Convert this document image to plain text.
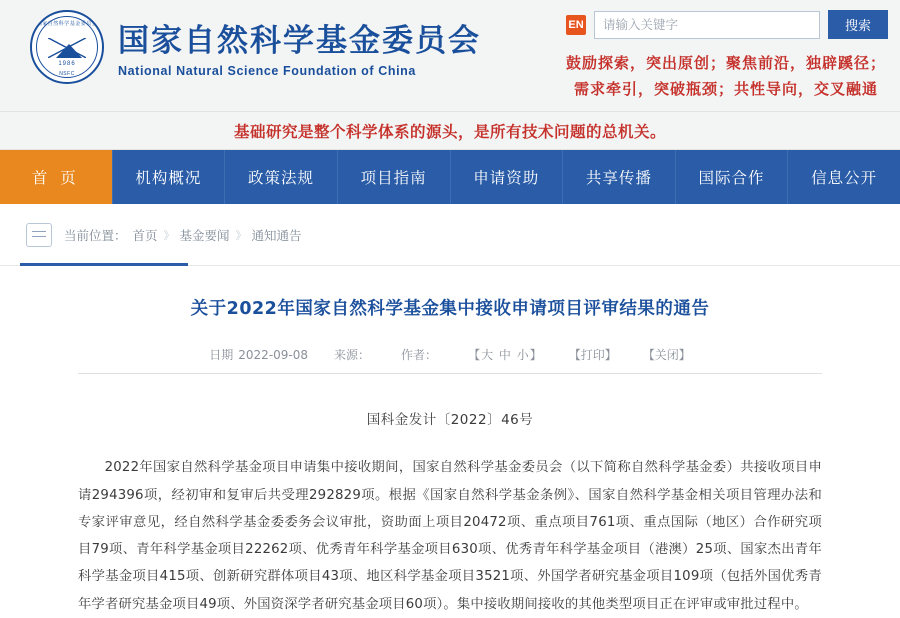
国家自然科学基金委员会
1986
NSFC
国家自然科学基金委员会
National Natural Science Foundation of China
EN
请输入关键字	搜索
鼓励探索，突出原创；聚焦前沿，独辟蹊径；
需求牵引，突破瓶颈；共性导向，交叉融通
基础研究是整个科学体系的源头，是所有技术问题的总机关。
首 页	机构概况	政策法规	项目指南	申请资助	共享传播	国际合作	信息公开
当前位置： 首页 》 基金要闻 》 通知通告
关于2022年国家自然科学基金集中接收申请项目评审结果的通告
日期 2022-09-08 来源：	作者：	【大 中 小】 【打印】 【关闭】
国科金发计〔2022〕46号
2022年国家自然科学基金项目申请集中接收期间，国家自然科学基金委员会（以下简称自然科学基金委）共接收项目申请294396项，经初审和复审后共受理292829项。根据《国家自然科学基金条例》、国家自然科学基金相关项目管理办法和专家评审意见，经自然科学基金委委务会议审批，资助面上项目20472项、重点项目761项、重点国际（地区）合作研究项目79项、青年科学基金项目22262项、优秀青年科学基金项目630项、优秀青年科学基金项目（港澳）25项、国家杰出青年科学基金项目415项、创新研究群体项目43项、地区科学基金项目3521项、外国学者研究基金项目109项（包括外国优秀青年学者研究基金项目49项、外国资深学者研究基金项目60项）。集中接收期间接收的其他类型项目正在评审或审批过程中。
